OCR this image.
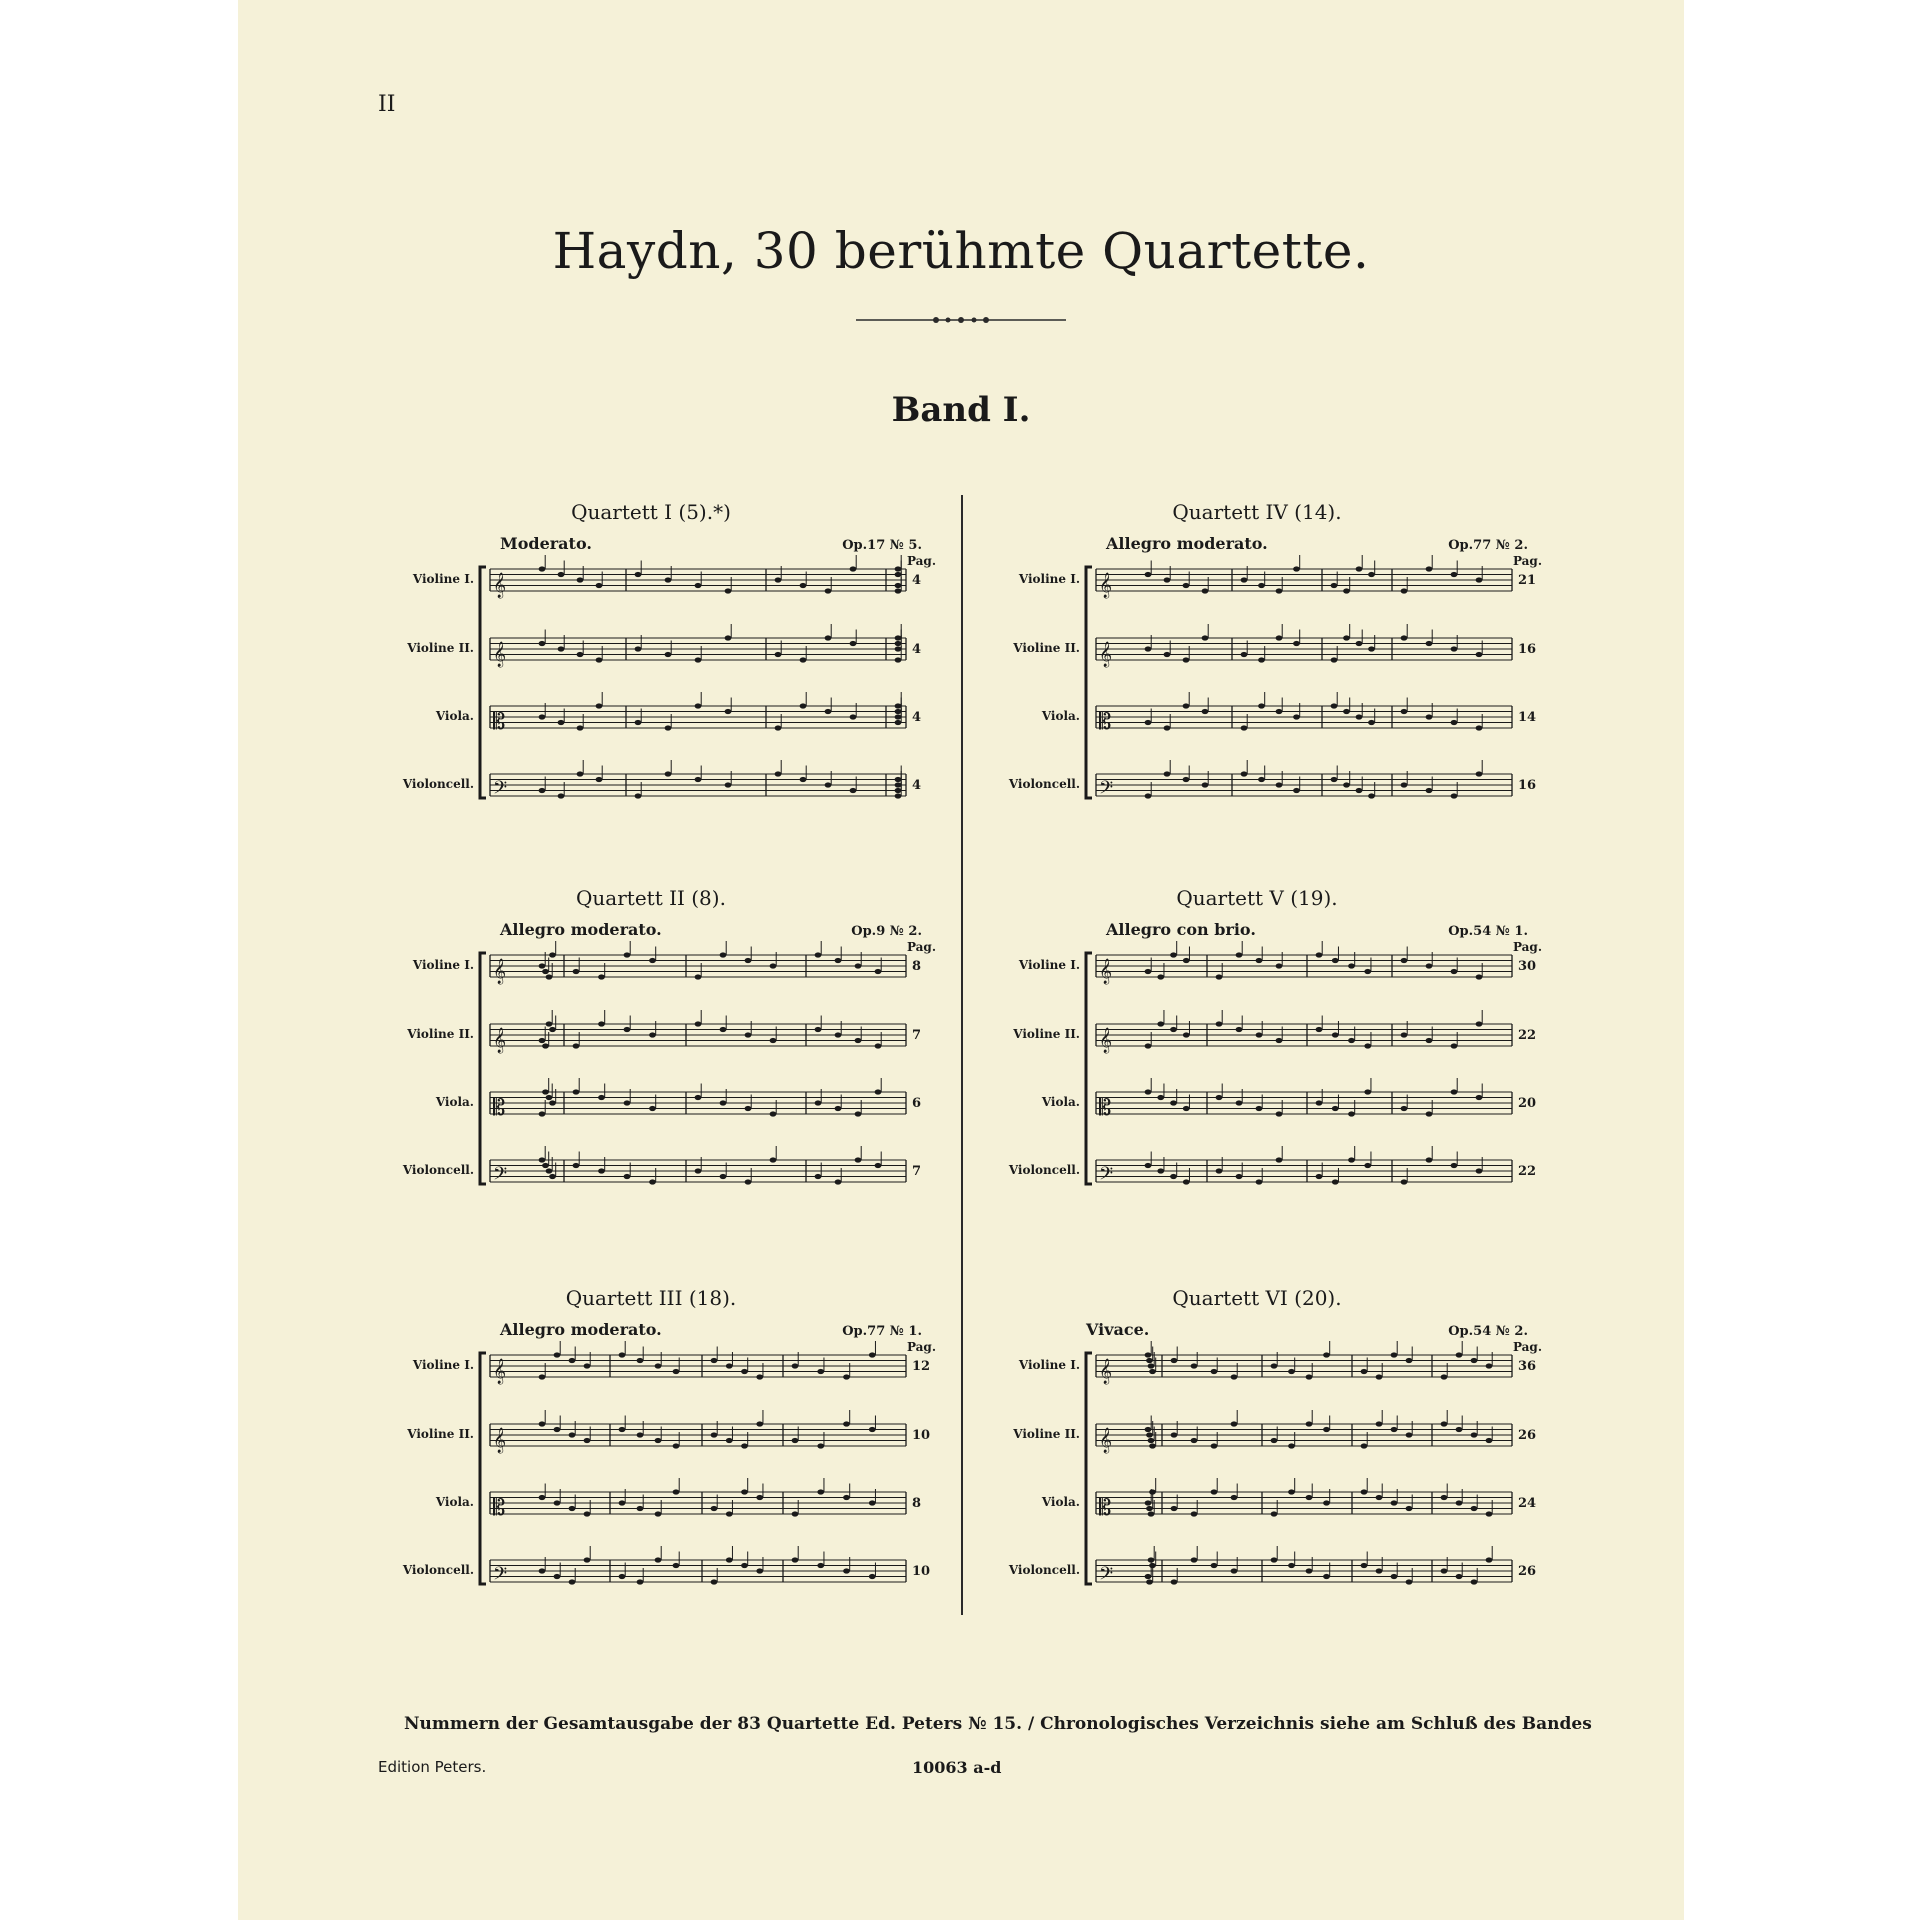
II
Haydn, 30 berühmte Quartette.
Band I.
Quartett I (5).*)
Moderato.	Op.17 № 5.
Pag.
𝄞
𝄞
𝄡
𝄢
Violine I.	4
Violine II.	4
Viola.	4
Violoncell.	4
Quartett IV (14).
Allegro moderato.	Op.77 № 2.
Pag.
𝄞
𝄞
𝄡
𝄢
Violine I.	21
Violine II.	16
Viola.	14
Violoncell.	16
Quartett II (8).
Allegro moderato.	Op.9 № 2.
Pag.
𝄞
𝄞
𝄡
𝄢
Violine I.	8
Violine II.	7
Viola.	6
Violoncell.	7
Quartett V (19).
Allegro con brio.	Op.54 № 1.
Pag.
𝄞
𝄞
𝄡
𝄢
Violine I.	30
Violine II.	22
Viola.	20
Violoncell.	22
Quartett III (18).
Allegro moderato.	Op.77 № 1.
Pag.
𝄞
𝄞
𝄡
𝄢
Violine I.	12
Violine II.	10
Viola.	8
Violoncell.	10
Quartett VI (20).
Vivace.	Op.54 № 2.
Pag.
𝄞
𝄞
𝄡
𝄢
Violine I.	36
Violine II.	26
Viola.	24
Violoncell.	26
Nummern der Gesamtausgabe der 83 Quartette Ed. Peters № 15. / Chronologisches Verzeichnis siehe am Schluß des Bandes
Edition Peters.	10063 a-d
